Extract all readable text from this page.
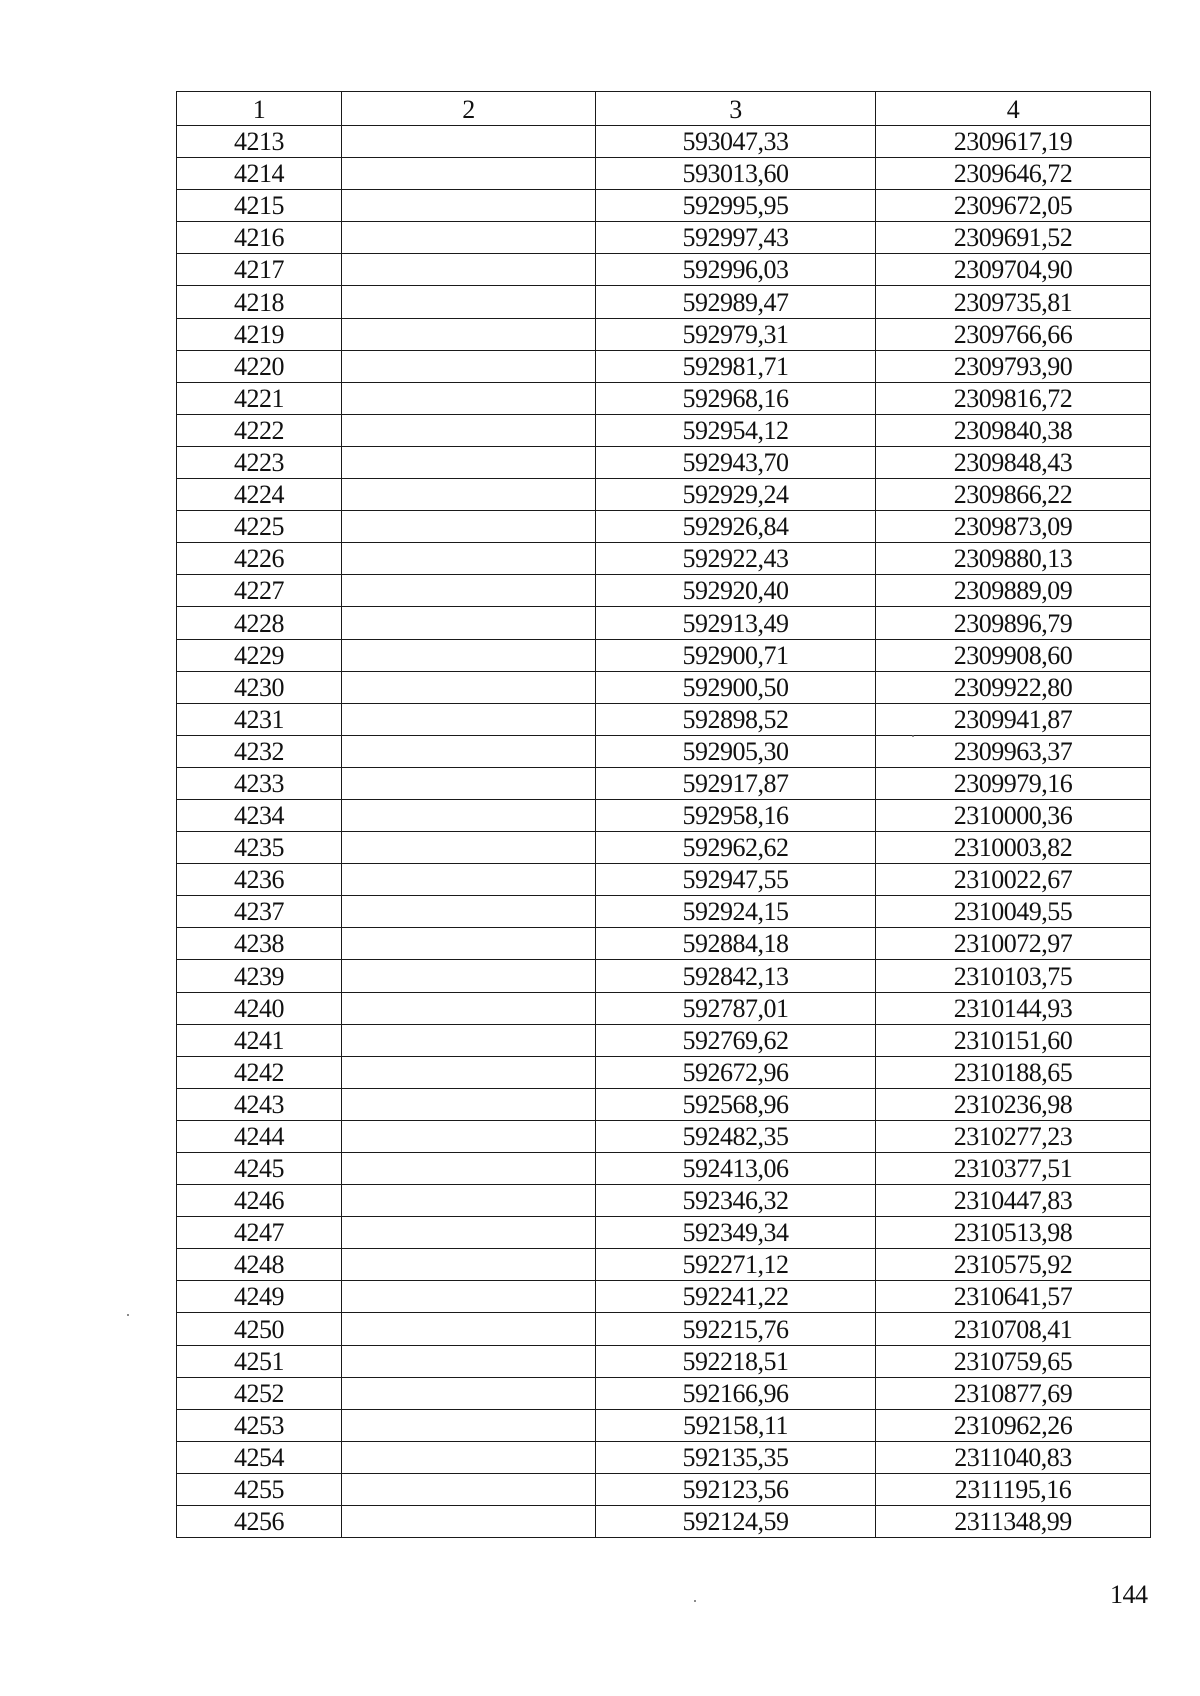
1	2	3	4
4213		593047,33	2309617,19
4214		593013,60	2309646,72
4215		592995,95	2309672,05
4216		592997,43	2309691,52
4217		592996,03	2309704,90
4218		592989,47	2309735,81
4219		592979,31	2309766,66
4220		592981,71	2309793,90
4221		592968,16	2309816,72
4222		592954,12	2309840,38
4223		592943,70	2309848,43
4224		592929,24	2309866,22
4225		592926,84	2309873,09
4226		592922,43	2309880,13
4227		592920,40	2309889,09
4228		592913,49	2309896,79
4229		592900,71	2309908,60
4230		592900,50	2309922,80
4231		592898,52	2309941,87
4232		592905,30	2309963,37
4233		592917,87	2309979,16
4234		592958,16	2310000,36
4235		592962,62	2310003,82
4236		592947,55	2310022,67
4237		592924,15	2310049,55
4238		592884,18	2310072,97
4239		592842,13	2310103,75
4240		592787,01	2310144,93
4241		592769,62	2310151,60
4242		592672,96	2310188,65
4243		592568,96	2310236,98
4244		592482,35	2310277,23
4245		592413,06	2310377,51
4246		592346,32	2310447,83
4247		592349,34	2310513,98
4248		592271,12	2310575,92
4249		592241,22	2310641,57
4250		592215,76	2310708,41
4251		592218,51	2310759,65
4252		592166,96	2310877,69
4253		592158,11	2310962,26
4254		592135,35	2311040,83
4255		592123,56	2311195,16
4256		592124,59	2311348,99
144
